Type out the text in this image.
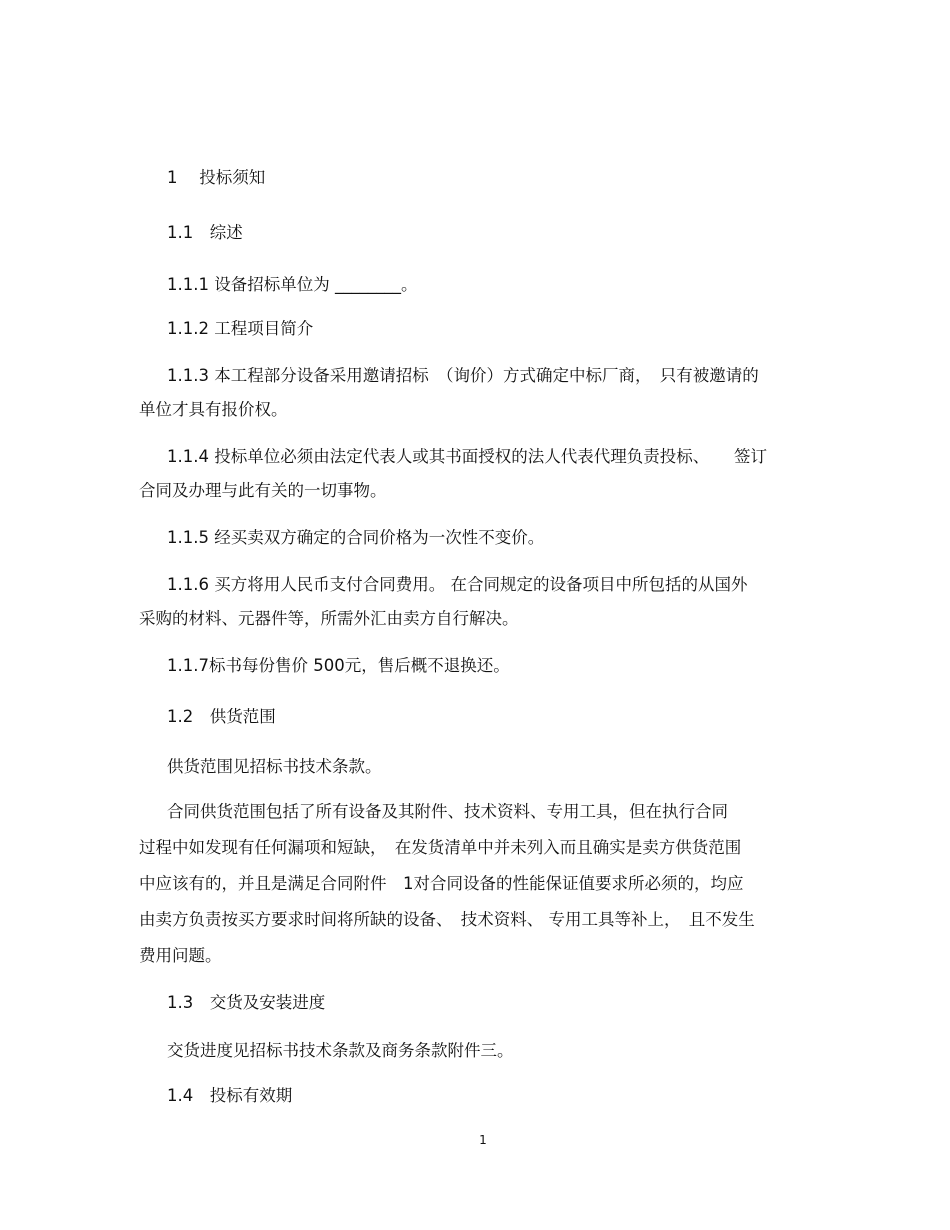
1　 投标须知
1.1　综述
1.1.1 设备招标单位为 ________。
1.1.2 工程项目简介
1.1.3 本工程部分设备采用邀请招标　（询价）方式确定中标厂商，　只有被邀请的
单位才具有报价权。
1.1.4 投标单位必须由法定代表人或其书面授权的法人代表代理负责投标、　　签订
合同及办理与此有关的一切事物。
1.1.5 经买卖双方确定的合同价格为一次性不变价。
1.1.6 买方将用人民币支付合同费用。 在合同规定的设备项目中所包括的从国外
采购的材料、元器件等，所需外汇由卖方自行解决。
1.1.7标书每份售价 500元，售后概不退换还。
1.2　供货范围
供货范围见招标书技术条款。
合同供货范围包括了所有设备及其附件、技术资料、专用工具，但在执行合同
过程中如发现有任何漏项和短缺，　在发货清单中并未列入而且确实是卖方供货范围
中应该有的，并且是满足合同附件　1对合同设备的性能保证值要求所必须的，均应
由卖方负责按买方要求时间将所缺的设备、　技术资料、 专用工具等补上，　且不发生
费用问题。
1.3　交货及安装进度
交货进度见招标书技术条款及商务条款附件三。
1.4　投标有效期
1
